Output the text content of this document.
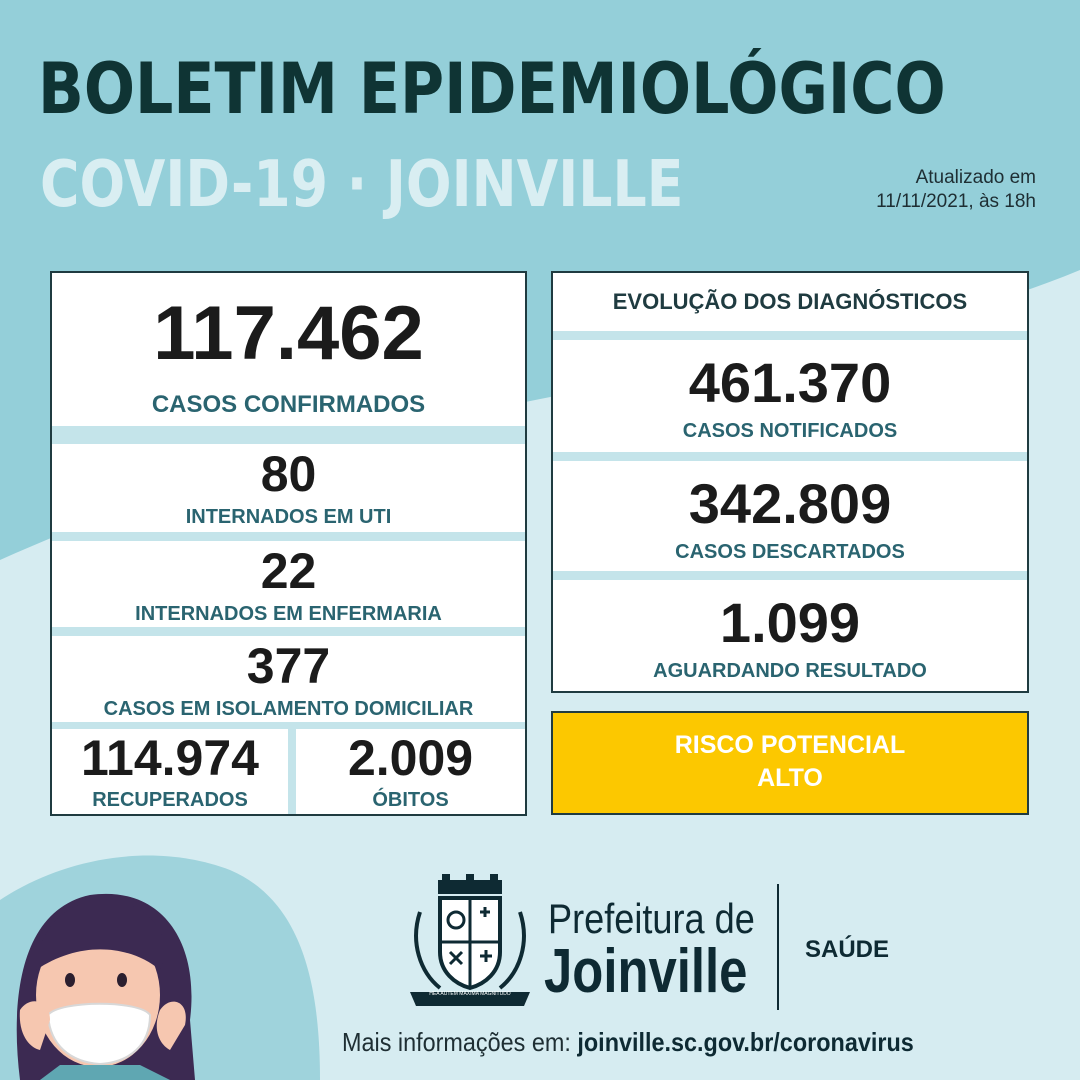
BOLETIM EPIDEMIOLÓGICO
COVID-19 · JOINVILLE	Atualizado em
11/11/2021, às 18h
117.462
CASOS CONFIRMADOS
80
INTERNADOS EM UTI
22
INTERNADOS EM ENFERMARIA
377
CASOS EM ISOLAMENTO DOMICILIAR
114.974
RECUPERADOS
2.009
ÓBITOS
EVOLUÇÃO DOS DIAGNÓSTICOS
461.370
CASOS NOTIFICADOS
342.809
CASOS DESCARTADOS
1.099
AGUARDANDO RESULTADO
RISCO POTENCIAL
ALTO
HEA AUTEM MAXIMA MAGNITUDO
Prefeitura de
Joinville SAÚDE
Mais informações em: joinville.sc.gov.br/coronavirus
